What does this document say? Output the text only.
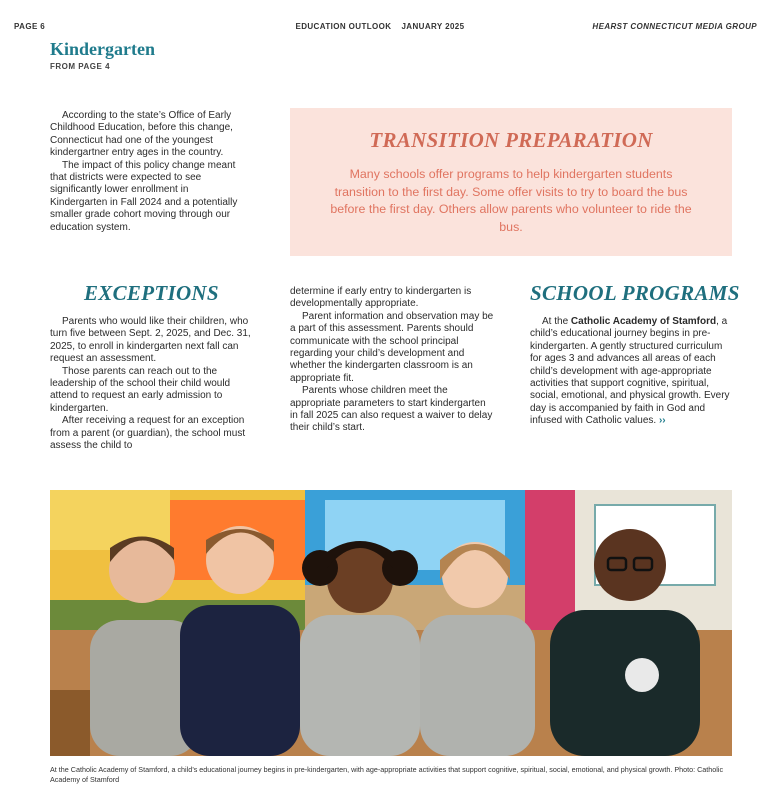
PAGE 6	EDUCATION OUTLOOK JANUARY 2025	HEARST CONNECTICUT MEDIA GROUP
Kindergarten
FROM PAGE 4

According to the state’s Office of Early Childhood Education, before this change, Connecticut had one of the youngest kindergartner entry ages in the country.

The impact of this policy change meant that districts were expected to see significantly lower enrollment in Kindergarten in Fall 2024 and a potentially smaller grade cohort moving through our education system.

TRANSITION PREPARATION
Many schools offer programs to help kindergarten students transition to the first day. Some offer visits to try to board the bus before the first day. Others allow parents who volunteer to ride the bus.
EXCEPTIONS

Parents who would like their children, who turn five between Sept. 2, 2025, and Dec. 31, 2025, to enroll in kindergarten next fall can request an assessment.

Those parents can reach out to the leadership of the school their child would attend to request an early admission to kindergarten.

After receiving a request for an exception from a parent (or guardian), the school must assess the child to

determine if early entry to kindergarten is developmentally appropriate.

Parent information and observation may be a part of this assessment. Parents should communicate with the school principal regarding your child’s development and whether the kindergarten classroom is an appropriate fit.

Parents whose children meet the appropriate parameters to start kindergarten in fall 2025 can also request a waiver to delay their child’s start.

SCHOOL PROGRAMS

At the Catholic Academy of Stamford, a child’s educational journey begins in pre-kindergarten. A gently structured curriculum for ages 3 and advances all areas of each child’s development with age-appropriate activities that support cognitive, spiritual, social, emotional, and physical growth. Every day is accompanied by faith in God and infused with Catholic values. ››

At the Catholic Academy of Stamford, a child’s educational journey begins in pre-kindergarten, with age-appropriate activities that support cognitive, spiritual, social, emotional, and physical growth. Photo: Catholic Academy of Stamford
